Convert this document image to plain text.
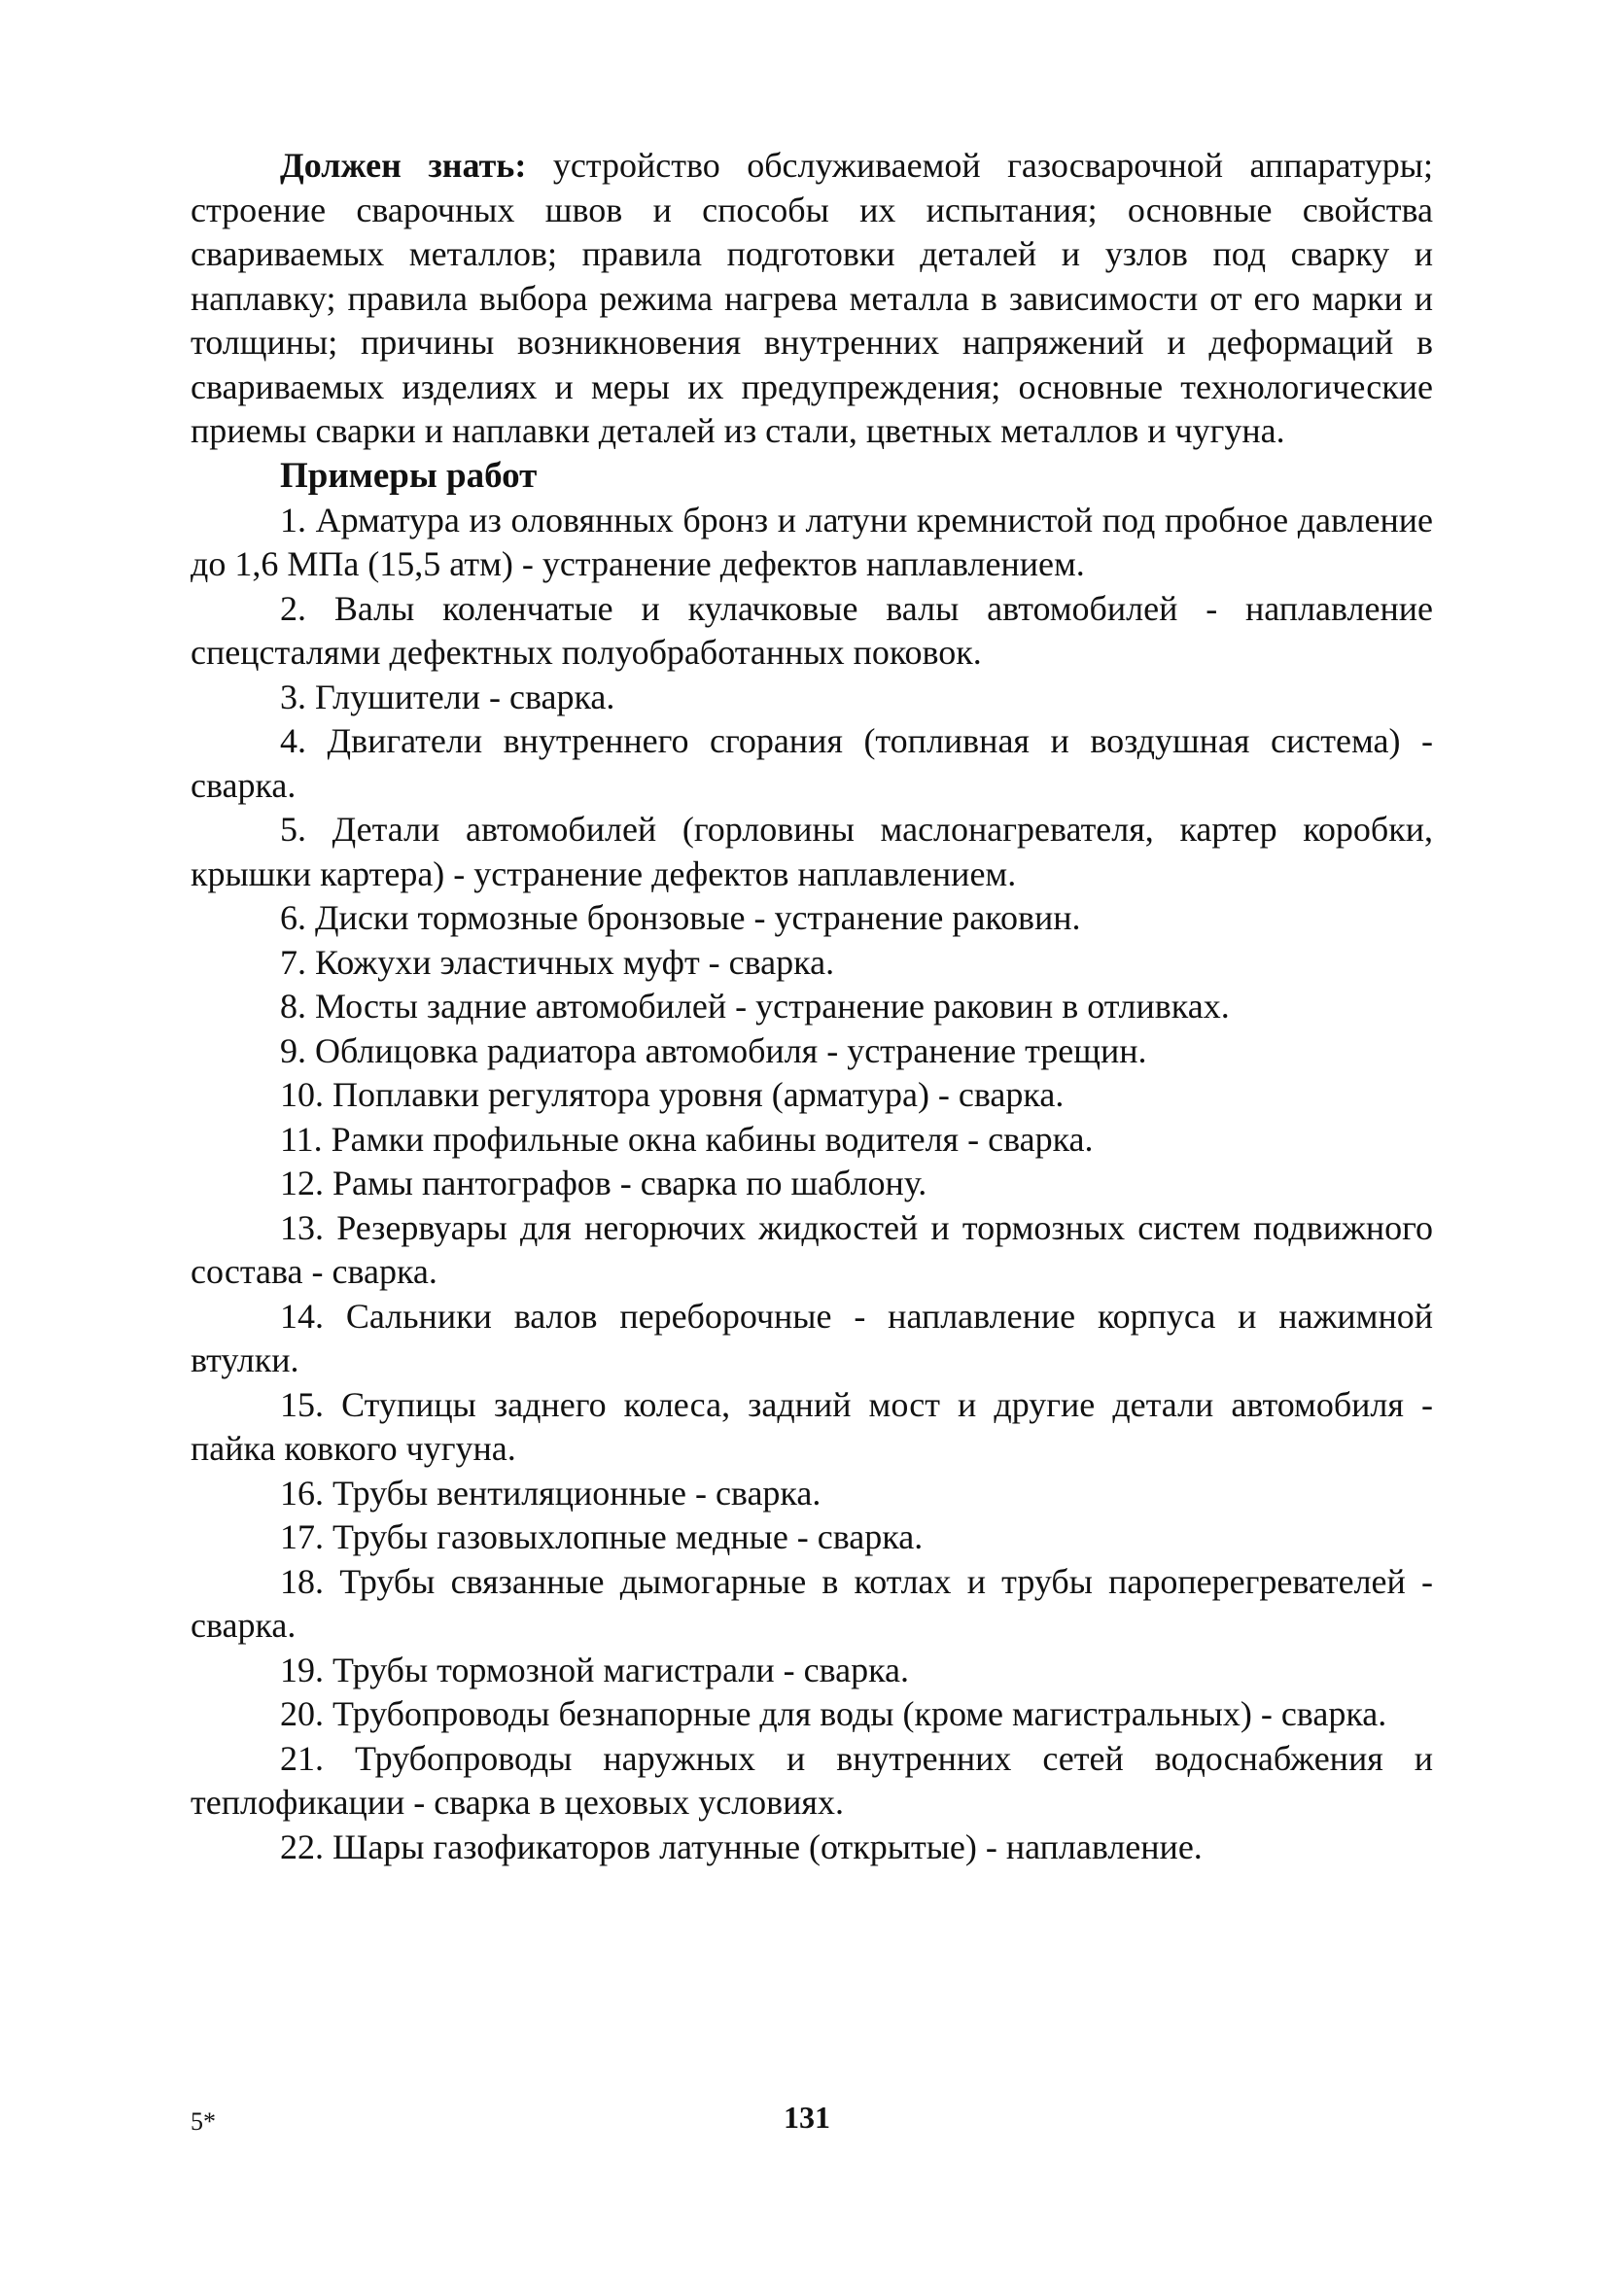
Должен знать: устройство обслуживаемой газосварочной аппаратуры; строение сварочных швов и способы их испытания; основные свойства свариваемых металлов; правила подготовки деталей и узлов под сварку и наплавку; правила выбора режима нагрева металла в зависимости от его марки и толщины; причины возникновения внутренних напряжений и деформаций в свариваемых изделиях и меры их предупреждения; основные технологические приемы сварки и наплавки деталей из стали, цветных металлов и чугуна.

Примеры работ

1. Арматура из оловянных бронз и латуни кремнистой под пробное давление до 1,6 МПа (15,5 атм) - устранение дефектов наплавлением.

2. Валы коленчатые и кулачковые валы автомобилей - наплавление спецсталями дефектных полуобработанных поковок.

3. Глушители - сварка.

4. Двигатели внутреннего сгорания (топливная и воздушная система) - сварка.

5. Детали автомобилей (горловины маслонагревателя, картер коробки, крышки картера) - устранение дефектов наплавлением.

6. Диски тормозные бронзовые - устранение раковин.

7. Кожухи эластичных муфт - сварка.

8. Мосты задние автомобилей - устранение раковин в отливках.

9. Облицовка радиатора автомобиля - устранение трещин.

10. Поплавки регулятора уровня (арматура) - сварка.

11. Рамки профильные окна кабины водителя - сварка.

12. Рамы пантографов - сварка по шаблону.

13. Резервуары для негорючих жидкостей и тормозных систем подвижного состава - сварка.

14. Сальники валов переборочные - наплавление корпуса и нажимной втулки.

15. Ступицы заднего колеса, задний мост и другие детали автомобиля - пайка ковкого чугуна.

16. Трубы вентиляционные - сварка.

17. Трубы газовыхлопные медные - сварка.

18. Трубы связанные дымогарные в котлах и трубы пароперегревателей - сварка.

19. Трубы тормозной магистрали - сварка.

20. Трубопроводы безнапорные для воды (кроме магистральных) - сварка.

21. Трубопроводы наружных и внутренних сетей водоснабжения и теплофикации - сварка в цеховых условиях.

22. Шары газофикаторов латунные (открытые) - наплавление.

5*	131
